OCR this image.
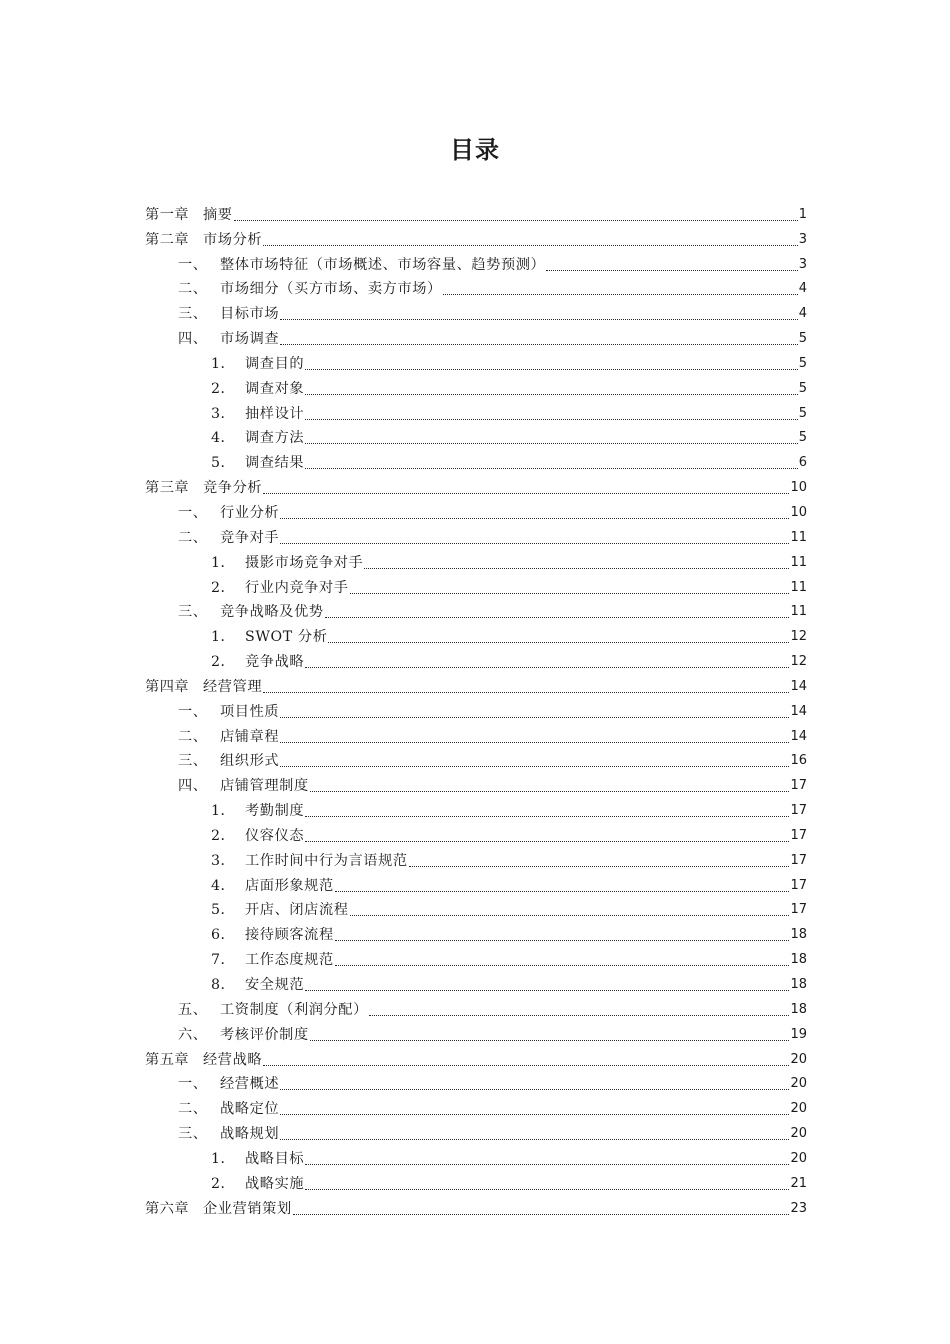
目录
第一章 摘要	1
第二章 市场分析	3
一、 整体市场特征（市场概述、市场容量、趋势预测）	3
二、 市场细分（买方市场、卖方市场）	4
三、 目标市场	4
四、 市场调查	5
1． 调查目的	5
2． 调查对象	5
3． 抽样设计	5
4． 调查方法	5
5． 调查结果	6
第三章 竞争分析	10
一、 行业分析	10
二、 竞争对手	11
1． 摄影市场竞争对手	11
2． 行业内竞争对手	11
三、 竞争战略及优势	11
1． SWOT 分析	12
2． 竞争战略	12
第四章 经营管理	14
一、 项目性质	14
二、 店铺章程	14
三、 组织形式	16
四、 店铺管理制度	17
1． 考勤制度	17
2． 仪容仪态	17
3． 工作时间中行为言语规范	17
4． 店面形象规范	17
5． 开店、闭店流程	17
6． 接待顾客流程	18
7． 工作态度规范	18
8． 安全规范	18
五、 工资制度（利润分配）	18
六、 考核评价制度	19
第五章 经营战略	20
一、 经营概述	20
二、 战略定位	20
三、 战略规划	20
1． 战略目标	20
2． 战略实施	21
第六章 企业营销策划	23
